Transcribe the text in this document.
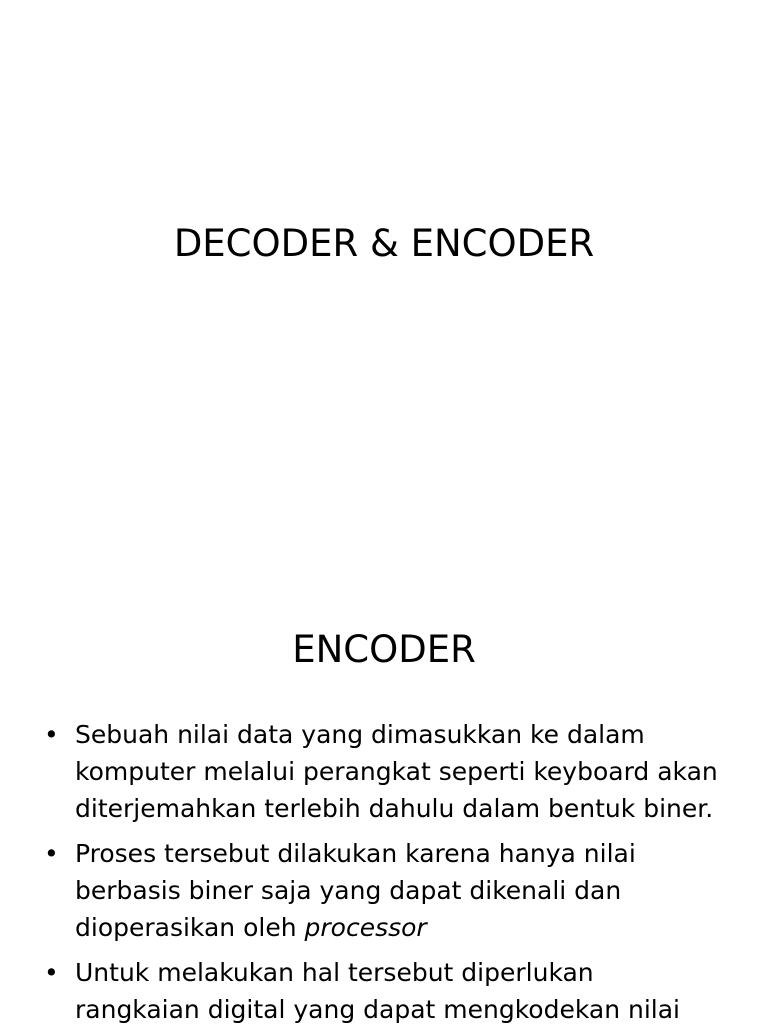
DECODER & ENCODER
ENCODER
• Sebuah nilai data yang dimasukkan ke dalam
komputer melalui perangkat seperti keyboard akan
diterjemahkan terlebih dahulu dalam bentuk biner.
• Proses tersebut dilakukan karena hanya nilai
berbasis biner saja yang dapat dikenali dan
dioperasikan oleh processor
• Untuk melakukan hal tersebut diperlukan
rangkaian digital yang dapat mengkodekan nilai
